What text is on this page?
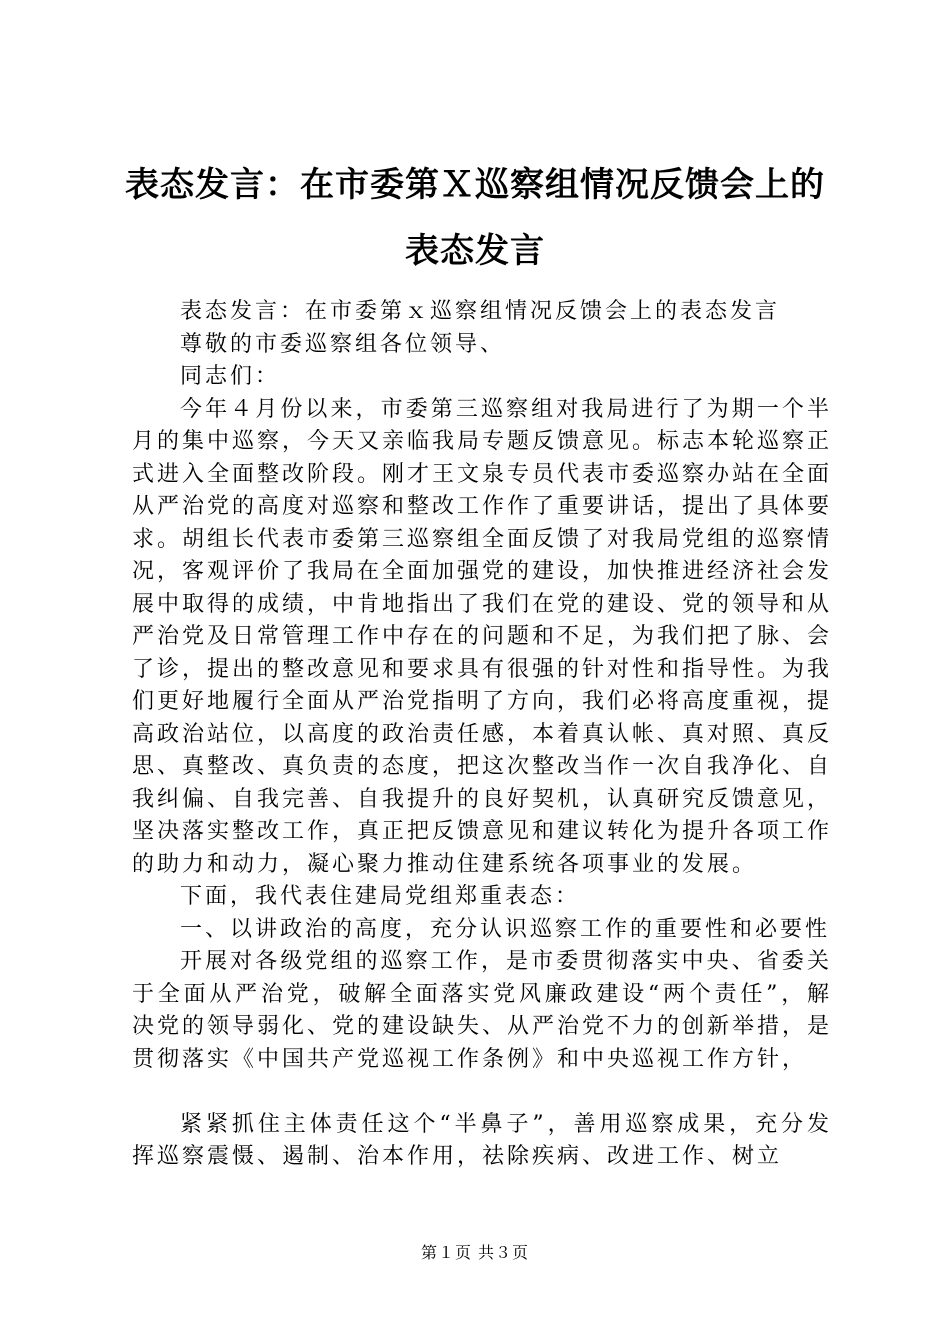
表态发言：在市委第Ｘ巡察组情况反馈会上的表态发言

表态发言：在市委第ｘ巡察组情况反馈会上的表态发言

尊敬的市委巡察组各位领导、

同志们：

今年４月份以来，市委第三巡察组对我局进行了为期一个半月的集中巡察，今天又亲临我局专题反馈意见。标志本轮巡察正式进入全面整改阶段。刚才王文泉专员代表市委巡察办站在全面从严治党的高度对巡察和整改工作作了重要讲话，提出了具体要求。胡组长代表市委第三巡察组全面反馈了对我局党组的巡察情况，客观评价了我局在全面加强党的建设，加快推进经济社会发展中取得的成绩，中肯地指出了我们在党的建设、党的领导和从严治党及日常管理工作中存在的问题和不足，为我们把了脉、会了诊，提出的整改意见和要求具有很强的针对性和指导性。为我们更好地履行全面从严治党指明了方向，我们必将高度重视，提高政治站位，以高度的政治责任感，本着真认帐、真对照、真反思、真整改、真负责的态度，把这次整改当作一次自我净化、自我纠偏、自我完善、自我提升的良好契机，认真研究反馈意见，坚决落实整改工作，真正把反馈意见和建议转化为提升各项工作的助力和动力，凝心聚力推动住建系统各项事业的发展。

下面，我代表住建局党组郑重表态：

一、以讲政治的高度，充分认识巡察工作的重要性和必要性

开展对各级党组的巡察工作，是市委贯彻落实中央、省委关于全面从严治党，破解全面落实党风廉政建设“两个责任”，解决党的领导弱化、党的建设缺失、从严治党不力的创新举措，是贯彻落实《中国共产党巡视工作条例》和中央巡视工作方针，

紧紧抓住主体责任这个“半鼻子”，善用巡察成果，充分发挥巡察震慑、遏制、治本作用，祛除疾病、改进工作、树立

第１页 共３页
